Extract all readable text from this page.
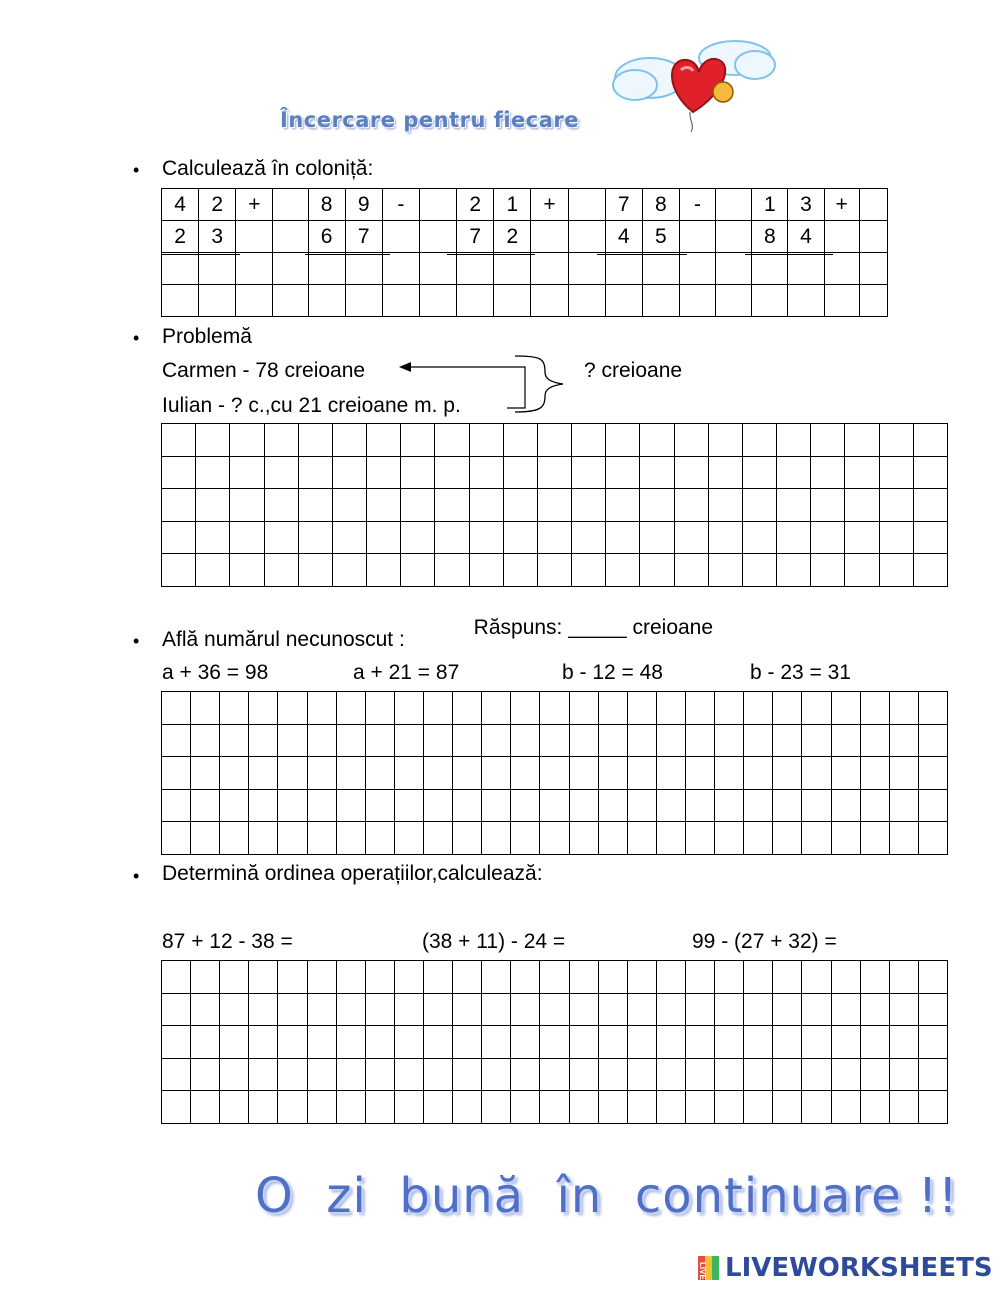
Încercare pentru fiecare
• Calculează în coloniță:
4	2	+		8	9	-		2	1	+		7	8	-		1	3	+	
2	3			6	7			7	2			4	5			8	4		

• Problemă
Carmen - 78 creioane
Iulian - ? c.,cu 21 creioane m. p.
? creioane

Răspuns: _____ creioane

• Află numărul necunoscut :
a + 36 = 98	a + 21 = 87	b - 12 = 48	b - 23 = 31

• Determină ordinea operațiilor,calculează:
87 + 12 - 38 =	(38 + 11) - 24 =	99 - (27 + 32) =

O  zi  bună  în  continuare !!
LIVE LIVEWORKSHEETS
